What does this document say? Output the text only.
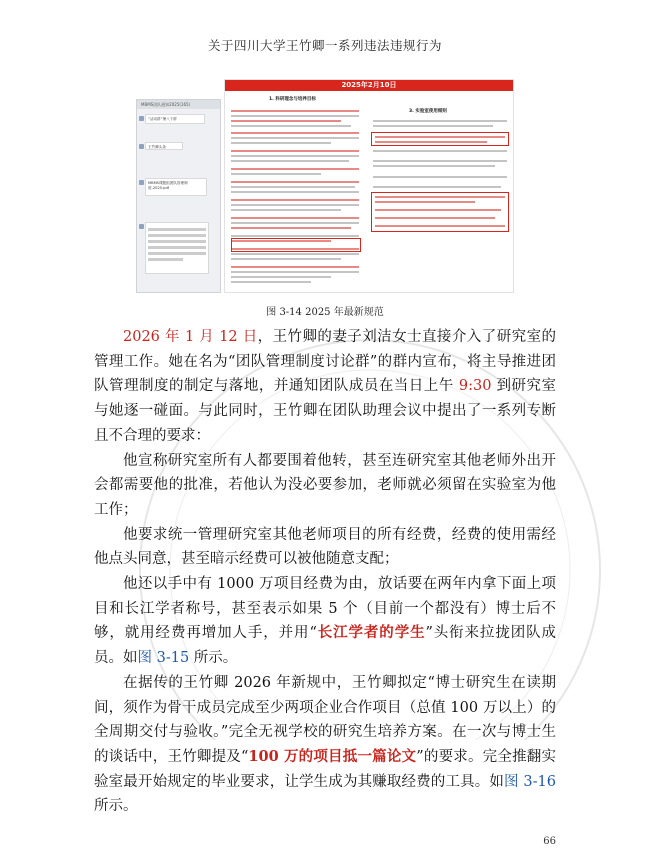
关于四川大学王竹卿一系列违法违规行为
MBMS团队通知2025(165)
“活动群”暑八个群
王竹卿头条
MBMS课题组团队管理制度-2025.pdf
2025年2月10日
1. 科研理念与培养目标
3. 实验室使用细则
图 3-14 2025 年最新规范

2026 年 1 月 12 日，王竹卿的妻子刘洁女士直接介入了研究室的管理工作。她在名为“团队管理制度讨论群”的群内宣布，将主导推进团队管理制度的制定与落地，并通知团队成员在当日上午 9:30 到研究室与她逐一碰面。与此同时，王竹卿在团队助理会议中提出了一系列专断且不合理的要求：

他宣称研究室所有人都要围着他转，甚至连研究室其他老师外出开会都需要他的批准，若他认为没必要参加，老师就必须留在实验室为他工作；

他要求统一管理研究室其他老师项目的所有经费，经费的使用需经他点头同意，甚至暗示经费可以被他随意支配；

他还以手中有 1000 万项目经费为由，放话要在两年内拿下面上项目和长江学者称号，甚至表示如果 5 个（目前一个都没有）博士后不够，就用经费再增加人手，并用“长江学者的学生”头衔来拉拢团队成员。如图 3-15 所示。

在据传的王竹卿 2026 年新规中，王竹卿拟定“博士研究生在读期间，须作为骨干成员完成至少两项企业合作项目（总值 100 万以上）的全周期交付与验收。”完全无视学校的研究生培养方案。在一次与博士生的谈话中，王竹卿提及“100 万的项目抵一篇论文”的要求。完全推翻实验室最开始规定的毕业要求，让学生成为其赚取经费的工具。如图 3-16 所示。

66
